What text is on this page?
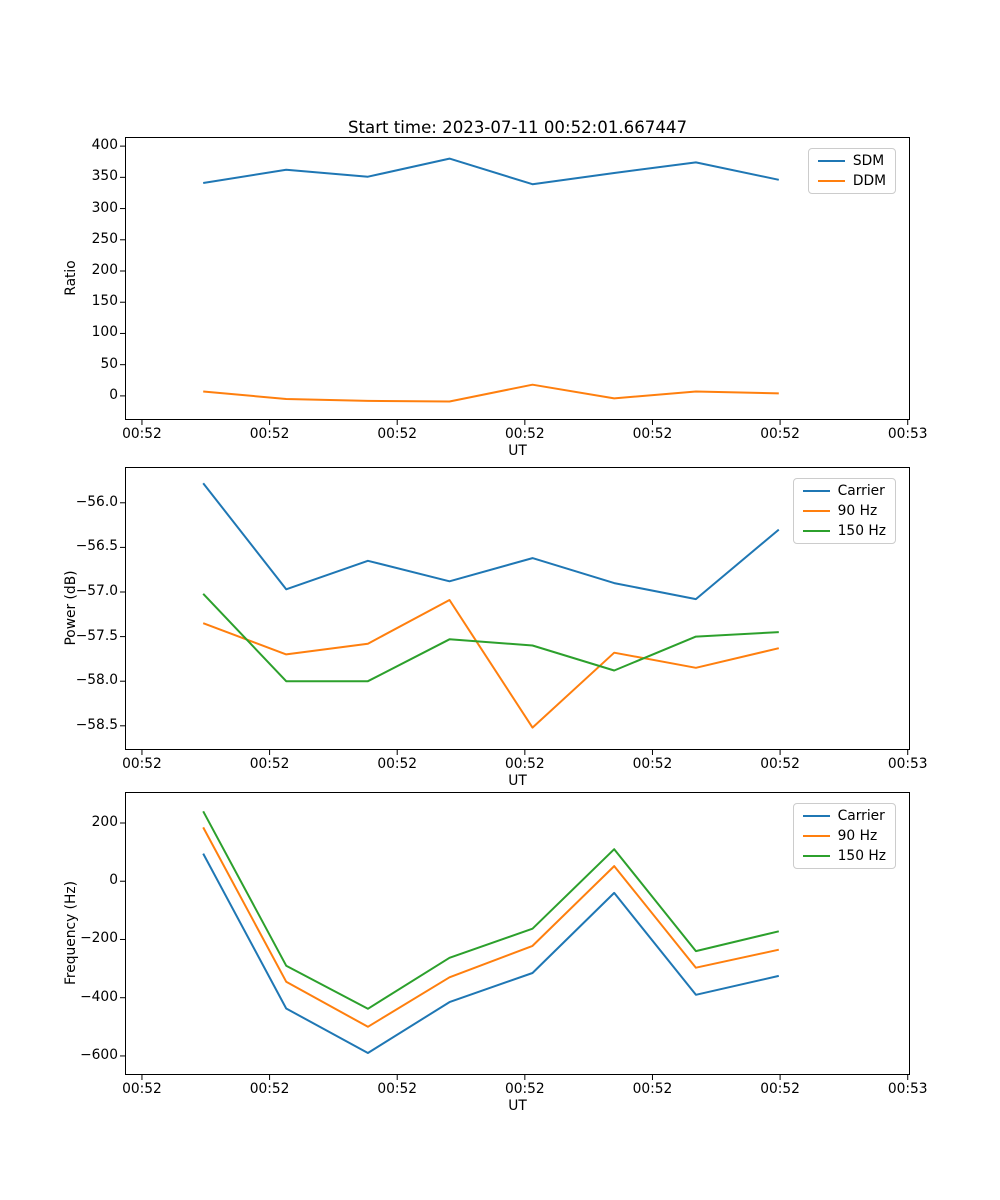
Start time: 2023-07-11 00:52:01.667447
Ratio
00:52	00:52	00:52	00:52	00:52	00:52	00:53
0
50
100
150
200
250
300
350
400
SDM
DDM
UT
Power (dB)
00:52	00:52	00:52	00:52	00:52	00:52	00:53
−58.5
−58.0
−57.5
−57.0
−56.5
−56.0
Carrier
90 Hz
150 Hz
UT
Frequency (Hz)
00:52	00:52	00:52	00:52	00:52	00:52	00:53
−600
−400
−200
0
200	Carrier
90 Hz
150 Hz
UT
